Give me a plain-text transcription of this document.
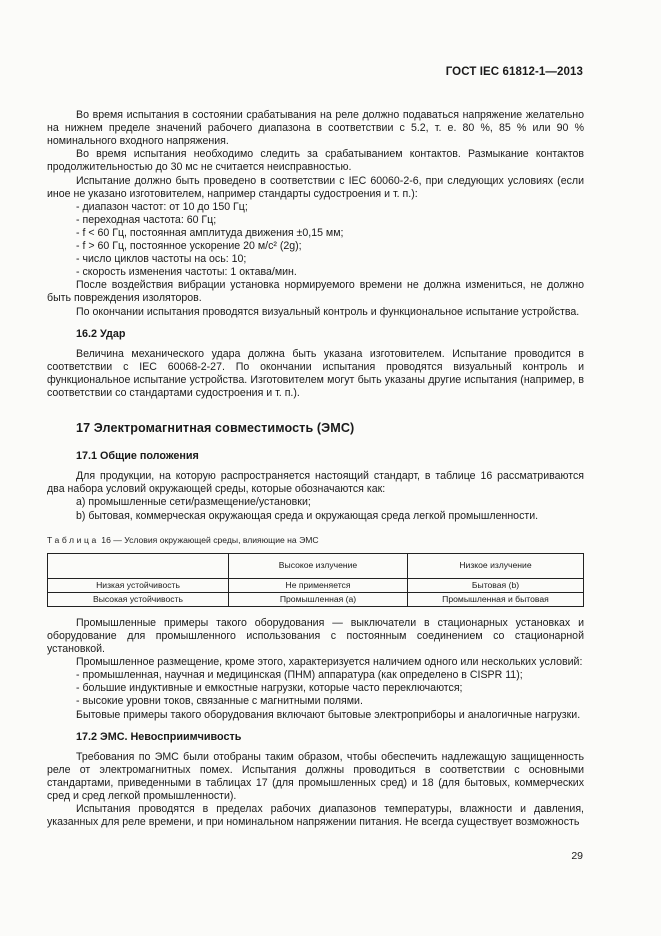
ГОСТ IEC 61812-1—2013

Во время испытания в состоянии срабатывания на реле должно подаваться напряжение желательно на нижнем пределе значений рабочего диапазона в соответствии с 5.2, т. е. 80 %, 85 % или 90 % номинального входного напряжения.

Во время испытания необходимо следить за срабатыванием контактов. Размыкание контактов продолжительностью до 30 мс не считается неисправностью.

Испытание должно быть проведено в соответствии с IEC 60060-2-6, при следующих условиях (если иное не указано изготовителем, например стандарты судостроения и т. п.):

- диапазон частот: от 10 до 150 Гц;

- переходная частота: 60 Гц;

- f < 60 Гц, постоянная амплитуда движения ±0,15 мм;

- f > 60 Гц, постоянное ускорение 20 м/с² (2g);

- число циклов частоты на ось: 10;

- скорость изменения частоты: 1 октава/мин.

После воздействия вибрации установка нормируемого времени не должна измениться, не должно быть повреждения изоляторов.

По окончании испытания проводятся визуальный контроль и функциональное испытание устройства.

16.2 Удар

Величина механического удара должна быть указана изготовителем. Испытание проводится в соответствии с IEC 60068-2-27. По окончании испытания проводятся визуальный контроль и функциональное испытание устройства. Изготовителем могут быть указаны другие испытания (например, в соответствии со стандартами судостроения и т. п.).

17 Электромагнитная совместимость (ЭМС)
17.1 Общие положения

Для продукции, на которую распространяется настоящий стандарт, в таблице 16 рассматриваются два набора условий окружающей среды, которые обозначаются как:

a) промышленные сети/размещение/установки;

b) бытовая, коммерческая окружающая среда и окружающая среда легкой промышленности.

Таблица 16 — Условия окружающей среды, влияющие на ЭМС
	Высокое излучение	Низкое излучение
Низкая устойчивость	Не применяется	Бытовая (b)
Высокая устойчивость	Промышленная (а)	Промышленная и бытовая

Промышленные примеры такого оборудования — выключатели в стационарных установках и оборудование для промышленного использования с постоянным соединением со стационарной установкой.

Промышленное размещение, кроме этого, характеризуется наличием одного или нескольких условий:

- промышленная, научная и медицинская (ПНМ) аппаратура (как определено в CISPR 11);

- большие индуктивные и емкостные нагрузки, которые часто переключаются;

- высокие уровни токов, связанные с магнитными полями.

Бытовые примеры такого оборудования включают бытовые электроприборы и аналогичные нагрузки.

17.2 ЭМС. Невосприимчивость

Требования по ЭМС были отобраны таким образом, чтобы обеспечить надлежащую защищенность реле от электромагнитных помех. Испытания должны проводиться в соответствии с основными стандартами, приведенными в таблицах 17 (для промышленных сред) и 18 (для бытовых, коммерческих сред и сред легкой промышленности).

Испытания проводятся в пределах рабочих диапазонов температуры, влажности и давления, указанных для реле времени, и при номинальном напряжении питания. Не всегда существует возможность

29
